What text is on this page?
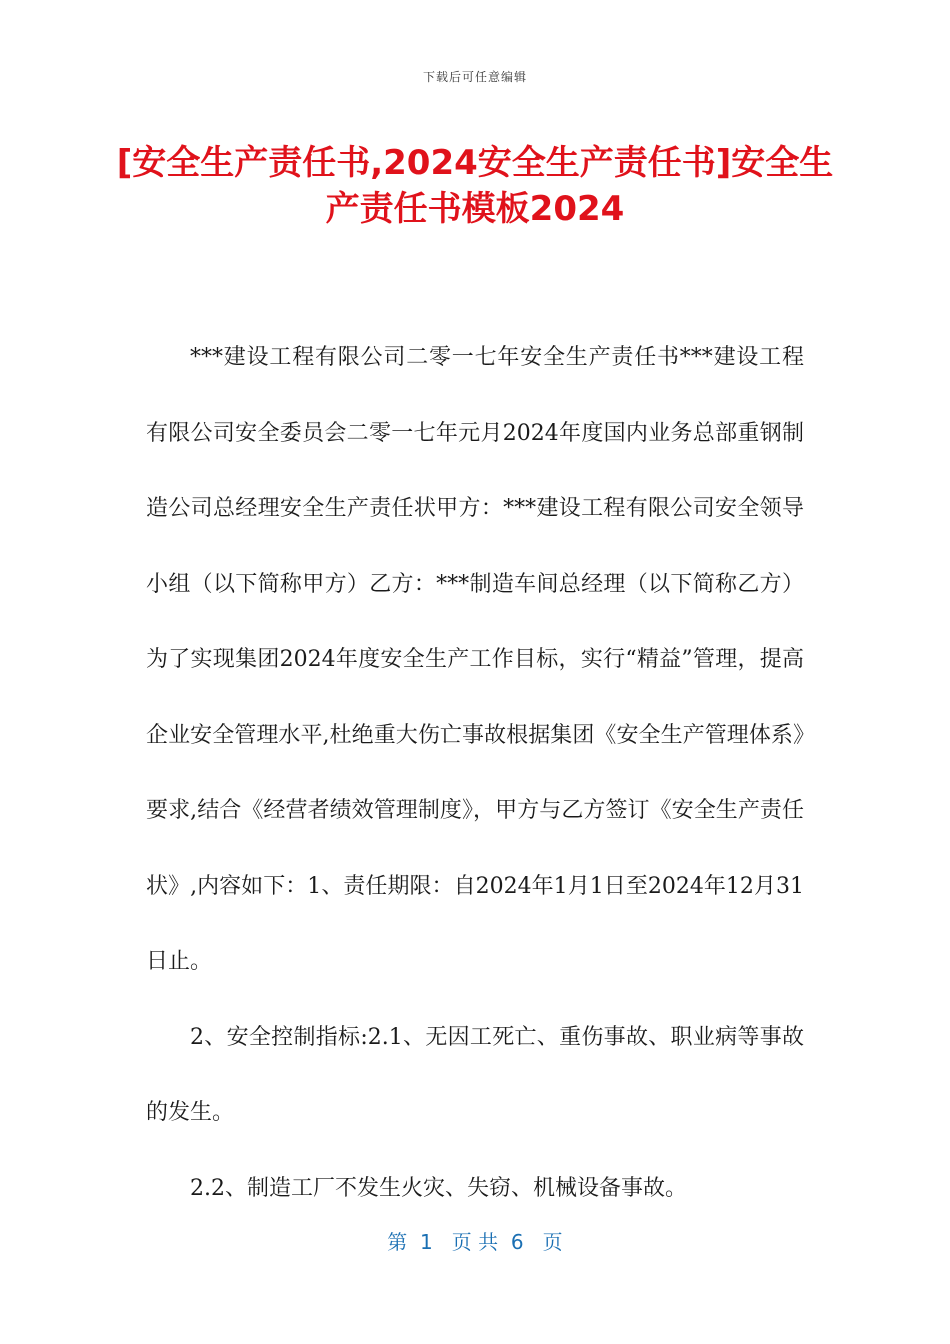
下载后可任意编辑
[安全生产责任书,2024安全生产责任书]安全生产责任书模板2024

***建设工程有限公司二零一七年安全生产责任书***建设工程有限公司安全委员会二零一七年元月2024年度国内业务总部重钢制造公司总经理安全生产责任状甲方：***建设工程有限公司安全领导小组（以下简称甲方）乙方：***制造车间总经理（以下简称乙方）为了实现集团2024年度安全生产工作目标，实行“精益”管理，提高企业安全管理水平,杜绝重大伤亡事故根据集团《安全生产管理体系》要求,结合《经营者绩效管理制度》，甲方与乙方签订《安全生产责任状》,内容如下：1、责任期限：自2024年1月1日至2024年12月31日止。

2、安全控制指标:2.1、无因工死亡、重伤事故、职业病等事故的发生。

2.2、制造工厂不发生火灾、失窃、机械设备事故。

第  1   页 共  6   页
